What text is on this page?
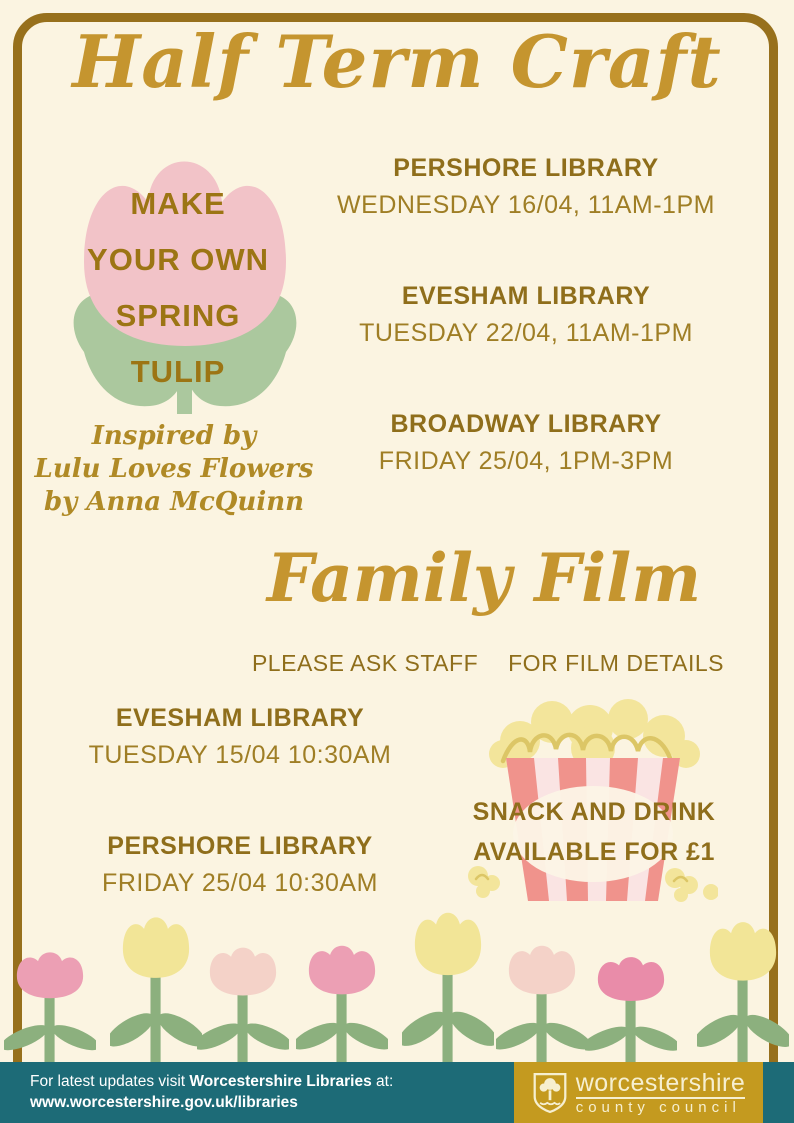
Half Term Craft
MAKE
YOUR OWN
SPRING
TULIP
Inspired by
Lulu Loves Flowers
by Anna McQuinn
PERSHORE LIBRARY

WEDNESDAY 16/04, 11AM-1PM

EVESHAM LIBRARY

TUESDAY 22/04, 11AM-1PM

BROADWAY LIBRARY

FRIDAY 25/04, 1PM-3PM

Family Film
PLEASE ASK STAFF FOR FILM DETAILS
EVESHAM LIBRARY

TUESDAY 15/04 10:30AM

PERSHORE LIBRARY

FRIDAY 25/04 10:30AM

SNACK AND DRINK
AVAILABLE FOR £1
For latest updates visit Worcestershire Libraries at:
www.worcestershire.gov.uk/libraries
worcestershire
county council
